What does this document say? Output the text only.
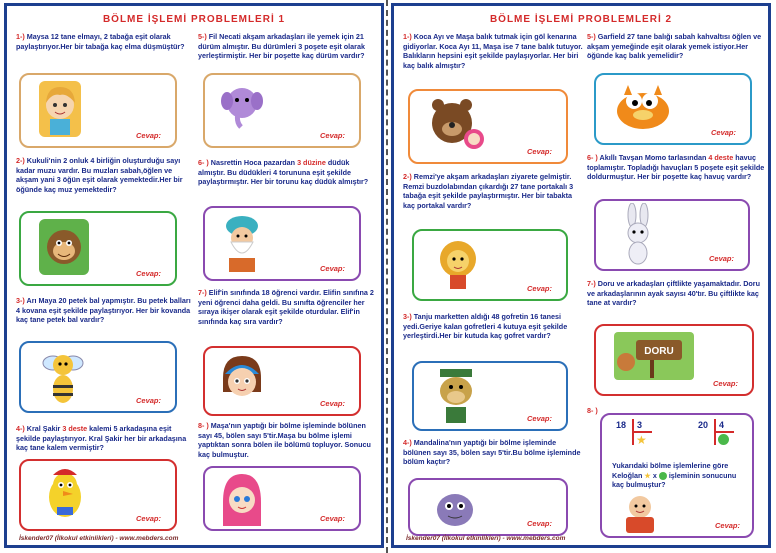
BÖLME İŞLEMİ PROBLEMLERİ 1
1-) Maysa 12 tane elmayı, 2 tabağa eşit olarak paylaştırıyor.Her bir tabağa kaç elma düşmüştür?
Cevap:
2-) Kukuli'nin 2 onluk 4 birliğin oluşturduğu sayı kadar muzu vardır. Bu muzları sabah,öğlen ve akşam yani 3 öğün eşit olarak yemektedir.Her bir öğünde kaç muz yemektedir?
Cevap:
3-) Arı Maya 20 petek bal yapmıştır. Bu petek balları 4 kovana eşit şekilde paylaştırıyor. Her bir kovanda kaç tane petek bal vardır?
Cevap:
4-) Kral Şakir 3 deste kalemi 5 arkadaşına eşit şekilde paylaştırıyor. Kral Şakir her bir arkadaşına kaç tane kalem vermiştir?
Cevap:
5-) Fil Necati akşam arkadaşları ile yemek için 21 dürüm almıştır. Bu dürümleri 3 poşete eşit olarak yerleştirmiştir. Her bir poşette kaç dürüm vardır?
Cevap:
6- ) Nasrettin Hoca pazardan 3 düzine düdük almıştır. Bu düdükleri 4 torununa eşit şekilde paylaştırmıştır. Her bir torunu kaç düdük almıştır?
Cevap:
7-) Elif'in sınıfında 18 öğrenci vardır. Elifin sınıfına 2 yeni öğrenci daha geldi. Bu sınıfta öğrenciler her sıraya ikişer olarak eşit şekilde oturdular. Elif'in sınıfında kaç sıra vardır?
Cevap:
8- ) Maşa'nın yaptığı bir bölme işleminde bölünen sayı 45, bölen sayı 5'tir.Maşa bu bölme işlemi yaptıktan sonra bölen ile bölümü topluyor. Sonucu kaç bulmuştur.
Cevap:
İskender07 (İlkokul etkinlikleri) - www.mebders.com
BÖLME İŞLEMİ PROBLEMLERİ 2
1-) Koca Ayı ve Maşa balık tutmak için göl kenarına gidiyorlar. Koca Ayı 11, Maşa ise 7 tane balık tutuyor. Balıkların hepsini eşit şekilde paylaşıyorlar. Her biri kaç balık almıştır?
Cevap:
2-) Remzi'ye akşam arkadaşları ziyarete gelmiştir. Remzi buzdolabından çıkardığı 27 tane portakalı 3 tabağa eşit şekilde paylaştırmıştır. Her bir tabakta kaç portakal vardır?
Cevap:
3-) Tanju marketten aldığı 48 gofretin 16 tanesi yedi.Geriye kalan gofretleri 4 kutuya eşit şekilde yerleştirdi.Her bir kutuda kaç gofret vardır?
Cevap:
4-) Mandalina'nın yaptığı bir bölme işleminde bölünen sayı 35, bölen sayı 5'tir.Bu bölme işleminde bölüm kaçtır?
Cevap:
5-) Garfield 27 tane balığı sabah kahvaltısı öğlen ve akşam yemeğinde eşit olarak yemek istiyor.Her öğünde kaç balık yemelidir?
Cevap:
6- ) Akıllı Tavşan Momo tarlasından 4 deste havuç toplamıştır. Topladığı havuçları 5 poşete eşit şekilde doldurmuştur. Her bir poşette kaç havuç vardır?
Cevap:
7-) Doru ve arkadaşları çiftlikte yaşamaktadır. Doru ve arkadaşlarının ayak sayısı 40'tır. Bu çiftlikte kaç tane at vardır?
DORU
Cevap:
8- )
18 3
★
20 4
Yukarıdaki bölme işlemlerine göre Keloğlan ★ x işleminin sonucunu kaç bulmuştur?
Cevap:
İskender07 (İlkokul etkinlikleri) - www.mebders.com
